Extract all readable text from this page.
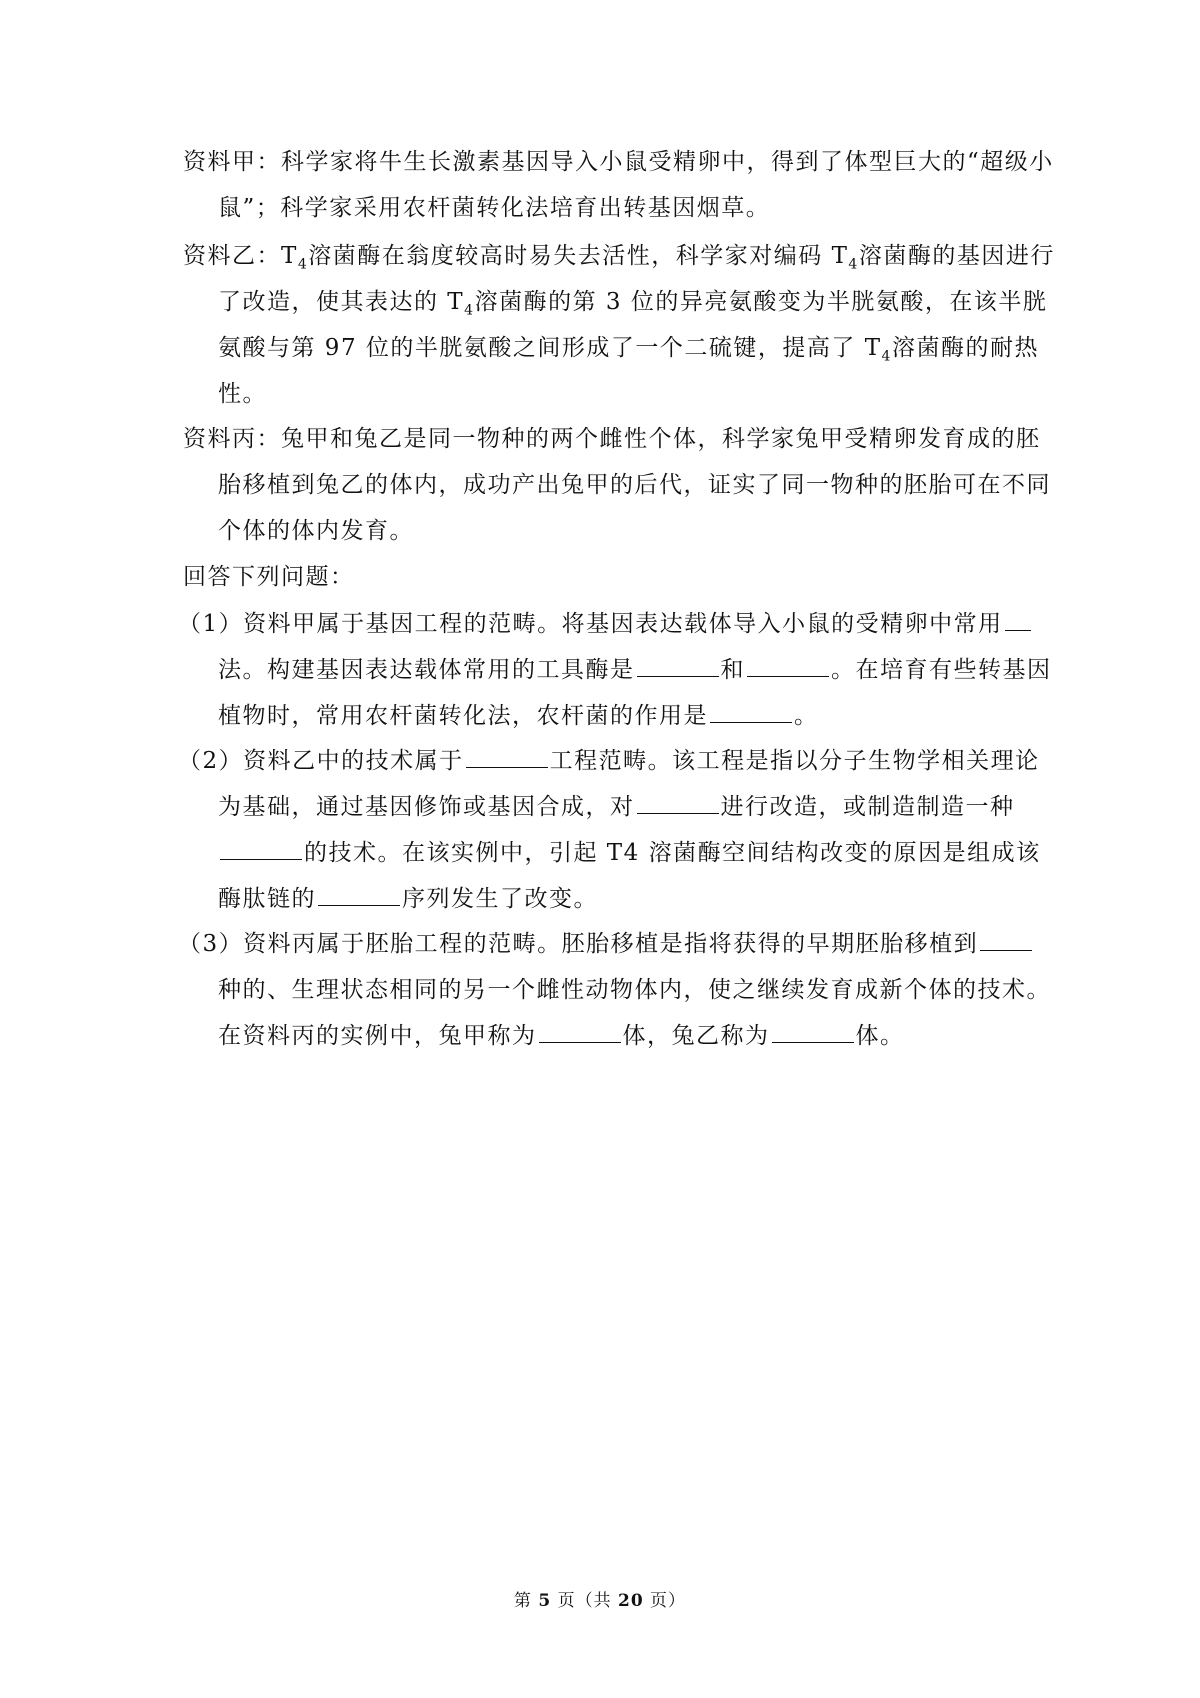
资料甲：科学家将牛生长激素基因导入小鼠受精卵中，得到了体型巨大的“超级小鼠”；科学家采用农杆菌转化法培育出转基因烟草。
资料乙：$T_4$溶菌酶在翁度较高时易失去活性，科学家对编码 $T_4$溶菌酶的基因进行了改造，使其表达的 $T_4$溶菌酶的第 3 位的异亮氨酸变为半胱氨酸，在该半胱氨酸与第 97 位的半胱氨酸之间形成了一个二硫键，提高了 $T_4$溶菌酶的耐热性。
资料丙：兔甲和兔乙是同一物种的两个雌性个体，科学家兔甲受精卵发育成的胚胎移植到兔乙的体内，成功产出兔甲的后代，证实了同一物种的胚胎可在不同个体的体内发育。
回答下列问题：
（1）资料甲属于基因工程的范畴。将基因表达载体导入小鼠的受精卵中常用法。构建基因表达载体常用的工具酶是	和	。在培育有些转基因植物时，常用农杆菌转化法，农杆菌的作用是	。
（2）资料乙中的技术属于	工程范畴。该工程是指以分子生物学相关理论为基础，通过基因修饰或基因合成，对	进行改造，或制造制造一种的技术。在该实例中，引起 T4 溶菌酶空间结构改变的原因是组成该酶肽链的	序列发生了改变。
（3）资料丙属于胚胎工程的范畴。胚胎移植是指将获得的早期胚胎移植到种的、生理状态相同的另一个雌性动物体内，使之继续发育成新个体的技术。在资料丙的实例中，兔甲称为	体，兔乙称为	体。
第 5 页（共 20 页）
